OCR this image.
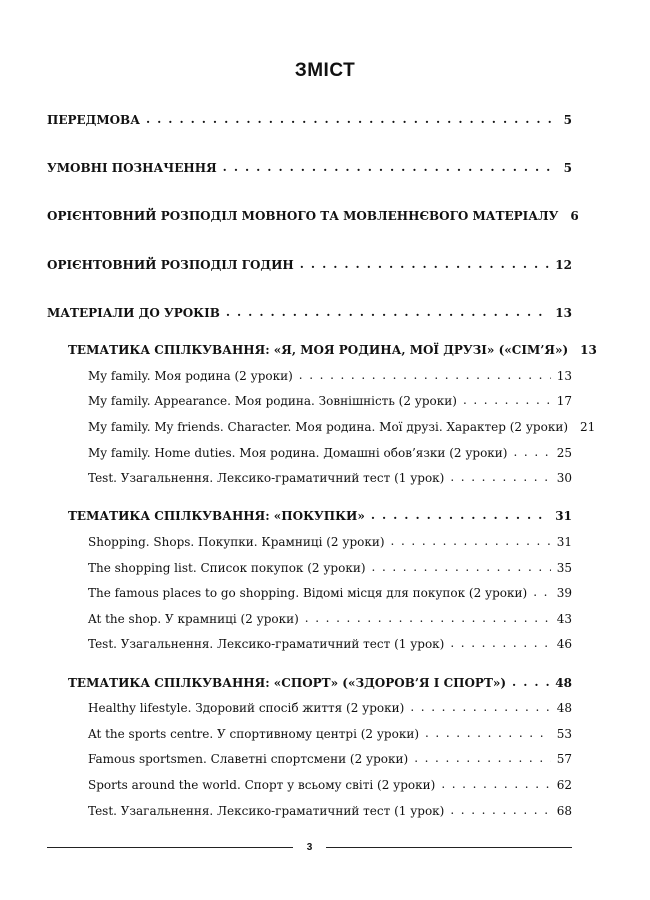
ЗМІСТ
ПЕРЕДМОВА . . .	5
УМОВНІ ПОЗНАЧЕННЯ . . .	5
ОРІЄНТОВНИЙ РОЗПОДІЛ МОВНОГО ТА МОВЛЕННЄВОГО МАТЕРІАЛУ 6
ОРІЄНТОВНИЙ РОЗПОДІЛ ГОДИН . . .	12
МАТЕРІАЛИ ДО УРОКІВ . . .	13
ТЕМАТИКА СПІЛКУВАННЯ: «Я, МОЯ РОДИНА, МОЇ ДРУЗІ» («СІМ’Я») 13
My family. Моя родина (2 уроки) . . .	13
My family. Appearance. Моя родина. Зовнішність (2 уроки) . . .	17
My family. My friends. Character. Моя родина. Мої друзі. Характер (2 уроки) 21
My family. Home duties. Моя родина. Домашні обов’язки (2 уроки) . . .	25
Test. Узагальнення. Лексико-граматичний тест (1 урок) . . .	30
ТЕМАТИКА СПІЛКУВАННЯ: «ПОКУПКИ» . . .	31
Shopping. Shops. Покупки. Крамниці (2 уроки) . . .	31
The shopping list. Список покупок (2 уроки) . . .	35
The famous places to go shopping. Відомі місця для покупок (2 уроки) . . . 39
At the shop. У крамниці (2 уроки) . . .	43
Test. Узагальнення. Лексико-граматичний тест (1 урок) . . .	46
ТЕМАТИКА СПІЛКУВАННЯ: «СПОРТ» («ЗДОРОВ’Я І СПОРТ») . . .	48
Healthy lifestyle. Здоровий спосіб життя (2 уроки) . . .	48
At the sports centre. У спортивному центрі (2 уроки) . . .	53
Famous sportsmen. Славетні спортсмени (2 уроки) . . .	57
Sports around the world. Спорт у всьому світі (2 уроки) . . .	62
Test. Узагальнення. Лексико-граматичний тест (1 урок) . . .	68
3
